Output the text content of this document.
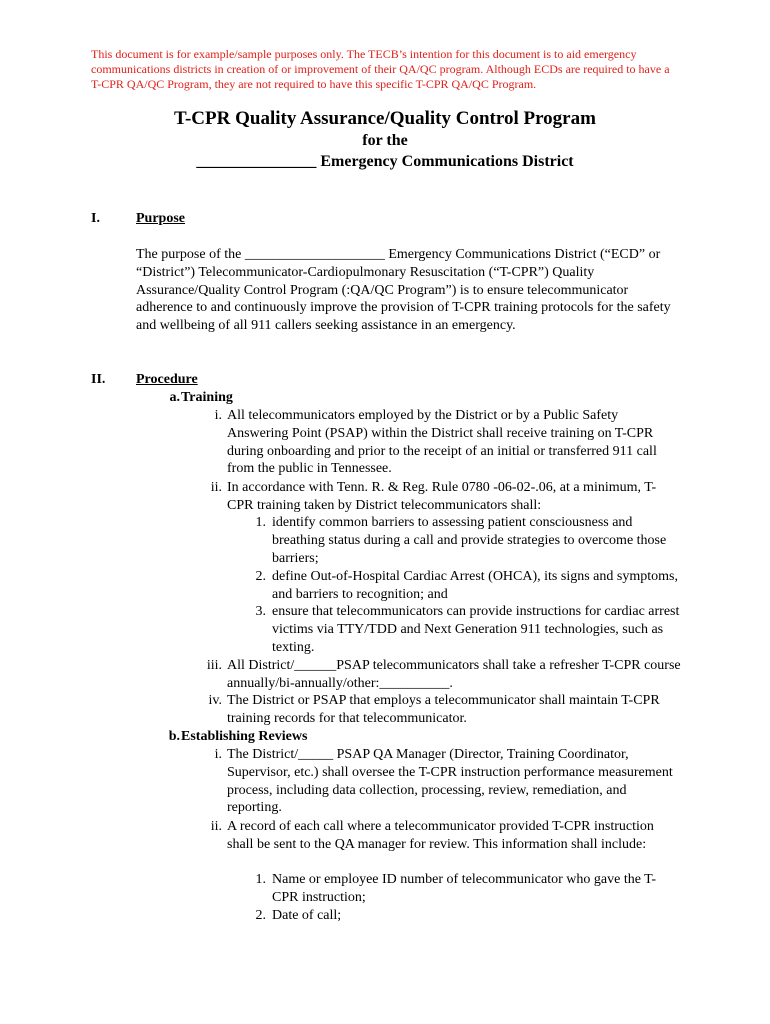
This document is for example/sample purposes only. The TECB’s intention for this document is to aid emergency communications districts in creation of or improvement of their QA/QC program. Although ECDs are required to have a T-CPR QA/QC Program, they are not required to have this specific T-CPR QA/QC Program.
T-CPR Quality Assurance/Quality Control Program
for the
_______________ Emergency Communications District
I.	Purpose
The purpose of the ____________________ Emergency Communications District (“ECD” or “District”) Telecommunicator-Cardiopulmonary Resuscitation (“T-CPR”) Quality Assurance/Quality Control Program (:QA/QC Program”) is to ensure telecommunicator adherence to and continuously improve the provision of T-CPR training protocols for the safety and wellbeing of all 911 callers seeking assistance in an emergency.
II. Procedure
a. Training
i. All telecommunicators employed by the District or by a Public Safety Answering Point (PSAP) within the District shall receive training on T-CPR during onboarding and prior to the receipt of an initial or transferred 911 call from the public in Tennessee.
ii. In accordance with Tenn. R. & Reg. Rule 0780 -06-02-.06, at a minimum, T-CPR training taken by District telecommunicators shall:
1. identify common barriers to assessing patient consciousness and breathing status during a call and provide strategies to overcome those barriers;
2. define Out-of-Hospital Cardiac Arrest (OHCA), its signs and symptoms, and barriers to recognition; and
3. ensure that telecommunicators can provide instructions for cardiac arrest victims via TTY/TDD and Next Generation 911 technologies, such as texting.
iii. All District/______PSAP telecommunicators shall take a refresher T-CPR course annually/bi-annually/other:__________.
iv. The District or PSAP that employs a telecommunicator shall maintain T-CPR training records for that telecommunicator.
b. Establishing Reviews
i. The District/_____ PSAP QA Manager (Director, Training Coordinator, Supervisor, etc.) shall oversee the T-CPR instruction performance measurement process, including data collection, processing, review, remediation, and reporting.
ii. A record of each call where a telecommunicator provided T-CPR instruction shall be sent to the QA manager for review. This information shall include:
1. Name or employee ID number of telecommunicator who gave the T-CPR instruction;
2. Date of call;
